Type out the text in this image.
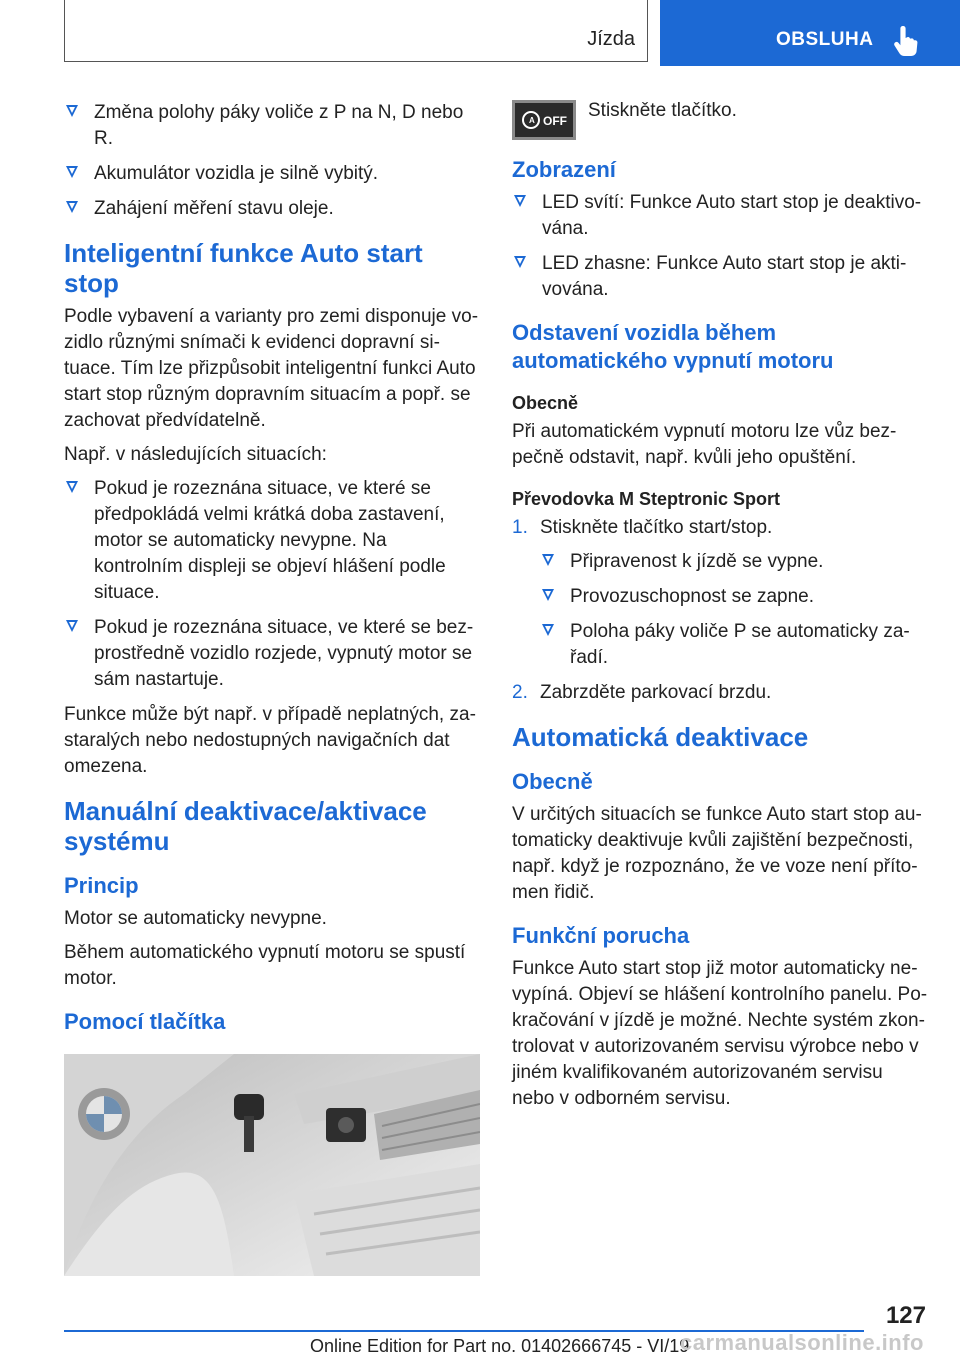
Jízda	OBSLUHA
Změna polohy páky voliče z P na N, D nebo R.
Akumulátor vozidla je silně vybitý.
Zahájení měření stavu oleje.
Inteligentní funkce Auto start stop

Podle vybavení a varianty pro zemi disponuje vozidlo různými snímači k evidenci dopravní situace. Tím lze přizpůsobit inteligentní funkci Auto start stop různým dopravním situacím a popř. se zachovat předvídatelně.

Např. v následujících situacích:

Pokud je rozeznána situace, ve které se předpokládá velmi krátká doba zastavení, motor se automaticky nevypne. Na kontrolním displeji se objeví hlášení podle situace.
Pokud je rozeznána situace, ve které se bezprostředně vozidlo rozjede, vypnutý motor se sám nastartuje.

Funkce může být např. v případě neplatných, zastaralých nebo nedostupných navigačních dat omezena.

Manuální deaktivace/aktivace systému
Princip

Motor se automaticky nevypne.

Během automatického vypnutí motoru se spustí motor.

Pomocí tlačítka
A OFF Stiskněte tlačítko.

Zobrazení
LED svítí: Funkce Auto start stop je deaktivována.
LED zhasne: Funkce Auto start stop je aktivována.
Odstavení vozidla během automatického vypnutí motoru
Obecně

Při automatickém vypnutí motoru lze vůz bezpečně odstavit, např. kvůli jeho opuštění.

Převodovka M Steptronic Sport
1. Stiskněte tlačítko start/stop.
Připravenost k jízdě se vypne.
Provozuschopnost se zapne.
Poloha páky voliče P se automaticky zařadí.
2. Zabrzděte parkovací brzdu.
Automatická deaktivace
Obecně

V určitých situacích se funkce Auto start stop automaticky deaktivuje kvůli zajištění bezpečnosti, např. když je rozpoznáno, že ve voze není přítomen řidič.

Funkční porucha

Funkce Auto start stop již motor automaticky nevypíná. Objeví se hlášení kontrolního panelu. Pokračování v jízdě je možné. Nechte systém zkontrolovat v autorizovaném servisu výrobce nebo v jiném kvalifikovaném autorizovaném servisu nebo v odborném servisu.

127
Online Edition for Part no. 01402666745 - VI/19
carmanualsonline.info
